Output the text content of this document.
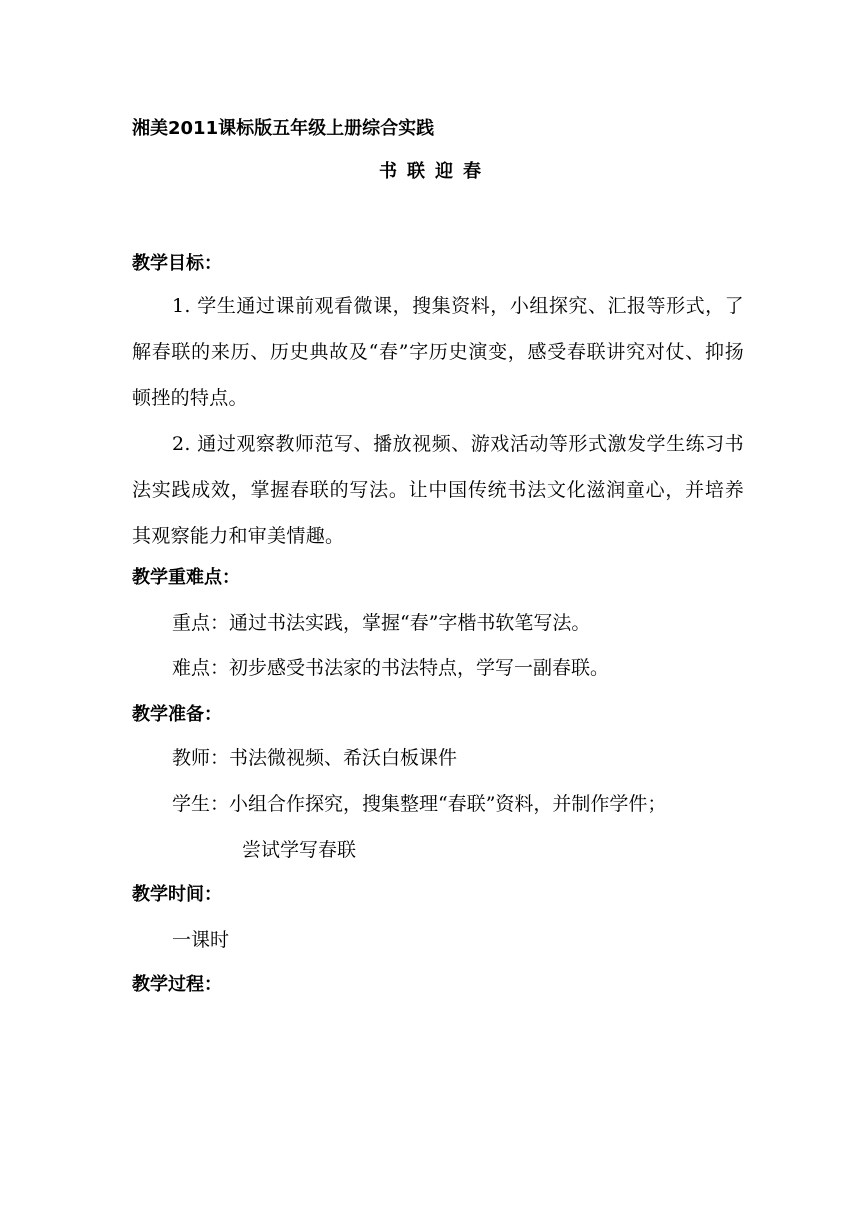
湘美2011课标版五年级上册综合实践
书联迎春
教学目标：
1. 学生通过课前观看微课，搜集资料，小组探究、汇报等形式，了解春联的来历、历史典故及“春”字历史演变，感受春联讲究对仗、抑扬顿挫的特点。
2. 通过观察教师范写、播放视频、游戏活动等形式激发学生练习书法实践成效，掌握春联的写法。让中国传统书法文化滋润童心，并培养其观察能力和审美情趣。
教学重难点：
重点：通过书法实践，掌握“春”字楷书软笔写法。
难点：初步感受书法家的书法特点，学写一副春联。
教学准备：
教师：书法微视频、希沃白板课件
学生：小组合作探究，搜集整理“春联”资料，并制作学件；
尝试学写春联
教学时间：
一课时
教学过程：
